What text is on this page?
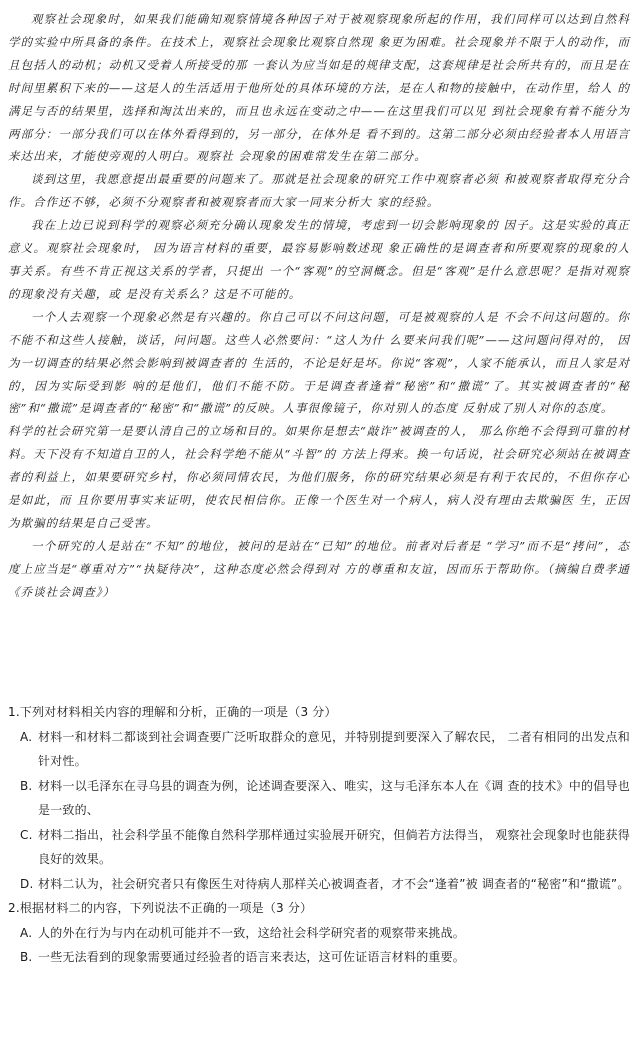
观察社会现象时，如果我们能确知观察情境各种因子对于被观察现象所起的作用，我们同样可以达到自然科学的实验中所具备的条件。在技术上，观察社会现象比观察自然现 象更为困难。社会现象并不限于人的动作，而且包括人的动机；动机又受着人所接受的那 一套认为应当如是的规律支配，这套规律是社会所共有的，而且是在时间里累积下来的——这是人的生活适用于他所处的具体环境的方法，是在人和物的接触中，在动作里，给人 的满足与否的结果里，选择和淘汰出来的，而且也永远在变动之中——在这里我们可以见 到社会现象有着不能分为两部分：一部分我们可以在体外看得到的，另一部分，在体外是 看不到的。这第二部分必须由经验者本人用语言来达出来，才能使旁观的人明白。观察社 会现象的困难常发生在第二部分。

谈到这里，我愿意提出最重要的问题来了。那就是社会现象的研究工作中观察者必须 和被观察者取得充分合作。合作还不够，必须不分观察者和被观察者而大家一同来分析大 家的经验。

我在上边已说到科学的观察必须充分确认现象发生的情境，考虑到一切会影响现象的 因子。这是实验的真正意义。观察社会现象时， 因为语言材料的重要，最容易影响数述现 象正确性的是调查者和所要观察的现象的人事关系。有些不肯正视这关系的学者，只提出 一个“客观”的空洞概念。但是“客观”是什么意思呢？是指对观察的现象没有关趣，或 是没有关系么？这是不可能的。

一个人去观察一个现象必然是有兴趣的。你自己可以不问这问题，可是被观察的人是 不会不问这问题的。你不能不和这些人接触，谈话，问问题。这些人必然要问：“这人为什 么要来问我们呢”——这问题问得对的， 因为一切调查的结果必然会影响到被调查者的 生活的，不论是好是坏。你说“客观”，人家不能承认，而且人家是对的，因为实际受到影 响的是他们，他们不能不防。于是调查者逢着“秘密”和“撒谎”了。其实被调查者的“秘 密”和“撒谎”是调查者的“秘密”和“撒谎”的反映。人事很像镜子，你对别人的态度 反射成了别人对你的态度。

科学的社会研究第一是要认清自己的立场和目的。如果你是想去“敲诈”被调查的人， 那么你绝不会得到可靠的材料。天下没有不知道自卫的人，社会科学绝不能从“斗智”的 方法上得来。换一句话说，社会研究必须站在被调查者的利益上，如果要研究乡村，你必须同情农民，为他们服务，你的研究结果必须是有利于农民的，不但你存心是如此，而 且你要用事实来证明，使农民相信你。正像一个医生对一个病人，病人没有理由去欺骗医 生，正因为欺骗的结果是自己受害。

一个研究的人是站在“不知”的地位，被问的是站在“已知”的地位。前者对后者是 “学习”而不是“拷问”，态度上应当是“尊重对方”“执疑待决”，这种态度必然会得到对 方的尊重和友谊，因而乐于帮助你。（摘编自费孝通《乔谈社会调查》）

1.下列对材料相关内容的理解和分析，正确的一项是（3 分）
A. 材料一和材料二都谈到社会调查要广泛听取群众的意见，并特别提到要深入了解农民， 二者有相同的出发点和针对性。
B. 材料一以毛泽东在寻乌县的调查为例，论述调查要深入、唯实，这与毛泽东本人在《调 查的技术》中的倡导也是一致的、
C. 材料二指出，社会科学虽不能像自然科学那样通过实验展开研究，但倘若方法得当， 观察社会现象时也能获得良好的效果。
D. 材料二认为，社会研究者只有像医生对待病人那样关心被调查者，才不会“逢着”被 调查者的“秘密”和“撒谎”。
2.根据材料二的内容，下列说法不正确的一项是（3 分）
A. 人的外在行为与内在动机可能并不一致，这给社会科学研究者的观察带来挑战。
B. 一些无法看到的现象需要通过经验者的语言来表达，这可佐证语言材料的重要。
